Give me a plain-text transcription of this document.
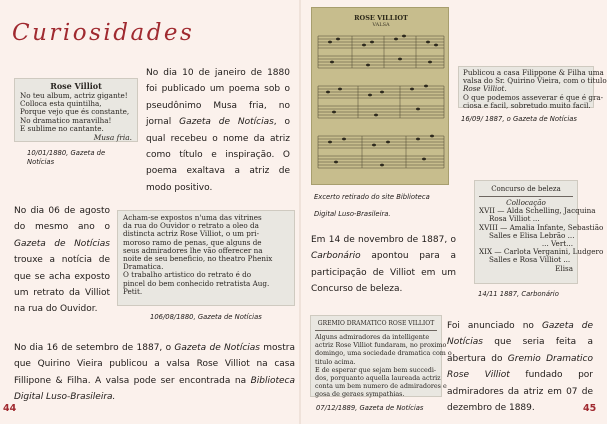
Curiosidades
Rose Villiot
No teu album, actriz gigante!
Colloca esta quintilha,
Porque vejo que és constante,
No dramatico maravilha!
E sublime no cantante.
Musa fria.
10/01/1880, Gazeta de Notícias
No dia 10 de janeiro de 1880 foi publicado um poema sob o pseudônimo Musa fria, no jornal Gazeta de Notícias, o qual recebeu o nome da atriz como título e inspiração. O poema exaltava a atriz de modo positivo.
No dia 06 de agosto do mesmo ano o Gazeta de Notícias trouxe a notícia de que se acha exposto um retrato da Villiot na rua do Ouvidor.
Acham-se expostos n'uma das vitrines
da rua do Ouvidor o retrato a oleo da
distincta actriz Rose Villiot, o um pri-
moroso ramo de penas, que alguns de
seus admiradores lhe vão offerecer na
noite de seu beneficio, no theatro Phenix
Dramatica.
O trabalho artistico do retrato é do
pincel do bem conhecido retratista Aug.
Petit.
106/08/1880, Gazeta de Notícias
No dia 16 de setembro de 1887, o Gazeta de Notícias mostra que Quirino Vieira publicou a valsa Rose Villiot na casa Fillipone & Filha. A valsa pode ser encontrada na Biblioteca Digital Luso-Brasileira.
44
ROSE VILLIOT
VALSA
Excerto retirado do site Biblioteca Digital Luso-Brasileira.
Publicou a casa Filippone & Filha uma
valsa do Sr. Quirino Vieira, com o titulo
Rose Villiot.
O que podemos asseverar é que é gra-
ciosa e facil, sobretudo muito facil.
16/09/ 1887, o Gazeta de Notícias
Em 14 de novembro de 1887, o Carbonário apontou para a participação de Villiot em um Concurso de beleza.
Concurso de beleza
Collocação
XVII — Alda Schelling, Jacquina
Rosa Villiot ...
XVIII — Amalia Infante, Sebastião
Salles e Elisa Lebrão ...
... Vert...
XIX — Carlota Verganini, Ludgero
Salles e Rosa Villiot ...
Elisa
14/11 1887, Carbonário
GREMIO DRAMATICO ROSE VILLIOT
Alguns admiradores da intelligente
actriz Rose Villiot fundaram, no proximo
domingo, uma sociedade dramatica com o
titulo acima.
E de esperar que sejam bem succedi-
dos, porquanto aquella laureada actriz
conta um bem numero de admiradores e
gosa de geraes sympathias.
07/12/1889, Gazeta de Notícias
Foi anunciado no Gazeta de Notícias que seria feita a abertura do Gremio Dramatico Rose Villiot fundado por admiradores da atriz em 07 de dezembro de 1889.	45
